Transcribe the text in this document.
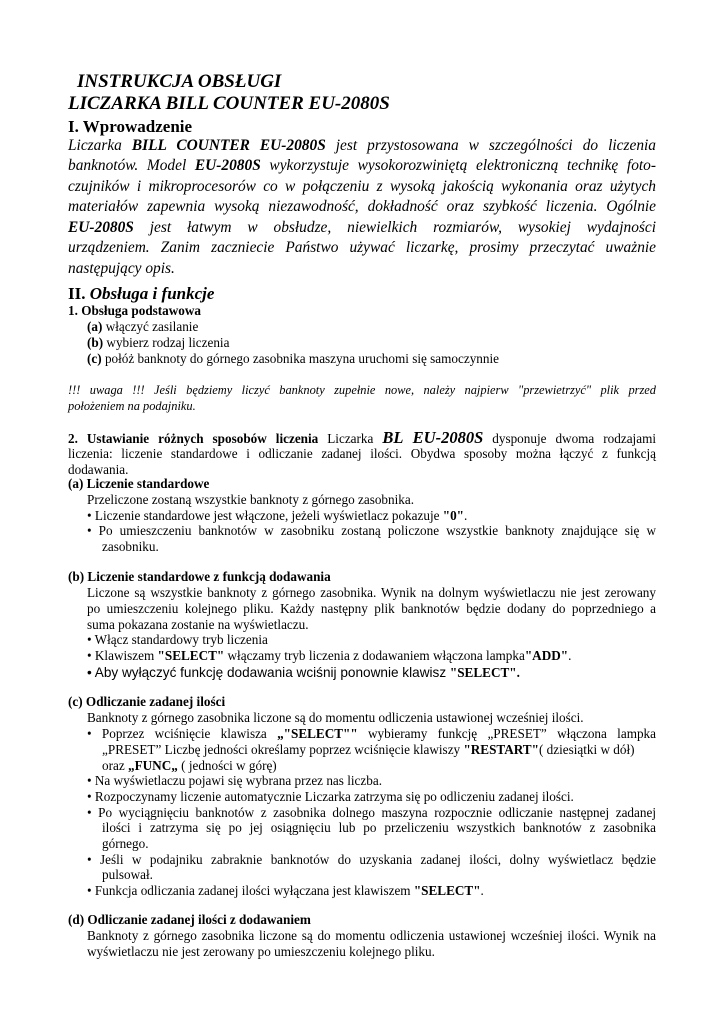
INSTRUKCJA OBSŁUGI
LICZARKA BILL COUNTER EU-2080S
I. Wprowadzenie
Liczarka BILL COUNTER EU-2080S jest przystosowana w szczególności do liczenia
banknotów. Model EU-2080S wykorzystuje wysokorozwiniętą elektroniczną technikę foto-
czujników i mikroprocesorów co w połączeniu z wysoką jakością wykonania oraz użytych
materiałów zapewnia wysoką niezawodność, dokładność oraz szybkość liczenia. Ogólnie
EU-2080S jest łatwym w obsłudze, niewielkich rozmiarów, wysokiej wydajności
urządzeniem. Zanim zaczniecie Państwo używać liczarkę, prosimy przeczytać uważnie
następujący opis.
II. Obsługa i funkcje
1. Obsługa podstawowa
(a) włączyć zasilanie
(b) wybierz rodzaj liczenia
(c) połóż banknoty do górnego zasobnika maszyna uruchomi się samoczynnie
!!! uwaga !!! Jeśli będziemy liczyć banknoty zupełnie nowe, należy najpierw "przewietrzyć" plik przed
położeniem na podajniku.
2. Ustawianie różnych sposobów liczenia Liczarka BL EU-2080S dysponuje dwoma rodzajami
liczenia: liczenie standardowe i odliczanie zadanej ilości. Obydwa sposoby można łączyć z funkcją
dodawania.
(a) Liczenie standardowe
Przeliczone zostaną wszystkie banknoty z górnego zasobnika.
• Liczenie standardowe jest włączone, jeżeli wyświetlacz pokazuje "0".
• Po umieszczeniu banknotów w zasobniku zostaną policzone wszystkie banknoty znajdujące się w
zasobniku.
(b) Liczenie standardowe z funkcją dodawania
Liczone są wszystkie banknoty z górnego zasobnika. Wynik na dolnym wyświetlaczu nie jest zerowany
po umieszczeniu kolejnego pliku. Każdy następny plik banknotów będzie dodany do poprzedniego a
suma pokazana zostanie na wyświetlaczu.
• Włącz standardowy tryb liczenia
• Klawiszem "SELECT" włączamy tryb liczenia z dodawaniem włączona lampka"ADD".
• Aby wyłączyć funkcję dodawania wciśnij ponownie klawisz "SELECT".
(c) Odliczanie zadanej ilości
Banknoty z górnego zasobnika liczone są do momentu odliczenia ustawionej wcześniej ilości.
• Poprzez wciśnięcie klawisza „"SELECT"" wybieramy funkcję „PRESET” włączona lampka
„PRESET” Liczbę jedności określamy poprzez wciśnięcie klawiszy "RESTART"( dziesiątki w dół)
oraz „FUNC„ ( jedności w górę)
• Na wyświetlaczu pojawi się wybrana przez nas liczba.
• Rozpoczynamy liczenie automatycznie Liczarka zatrzyma się po odliczeniu zadanej ilości.
• Po wyciągnięciu banknotów z zasobnika dolnego maszyna rozpocznie odliczanie następnej zadanej
ilości i zatrzyma się po jej osiągnięciu lub po przeliczeniu wszystkich banknotów z zasobnika
górnego.
• Jeśli w podajniku zabraknie banknotów do uzyskania zadanej ilości, dolny wyświetlacz będzie
pulsował.
• Funkcja odliczania zadanej ilości wyłączana jest klawiszem "SELECT".
(d) Odliczanie zadanej ilości z dodawaniem
Banknoty z górnego zasobnika liczone są do momentu odliczenia ustawionej wcześniej ilości. Wynik na
wyświetlaczu nie jest zerowany po umieszczeniu kolejnego pliku.
